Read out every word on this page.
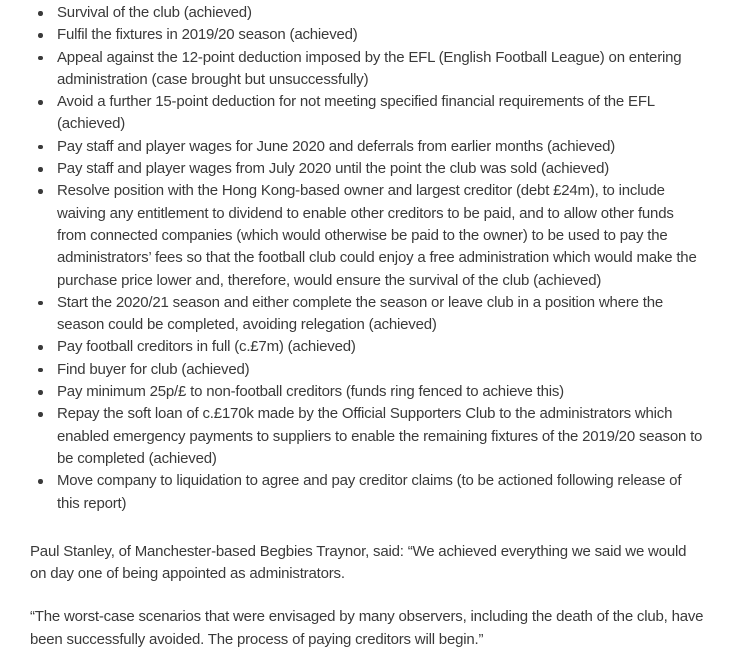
Survival of the club (achieved)
Fulfil the fixtures in 2019/20 season (achieved)
Appeal against the 12-point deduction imposed by the EFL (English Football League) on entering administration (case brought but unsuccessfully)
Avoid a further 15-point deduction for not meeting specified financial requirements of the EFL (achieved)
Pay staff and player wages for June 2020 and deferrals from earlier months (achieved)
Pay staff and player wages from July 2020 until the point the club was sold (achieved)
Resolve position with the Hong Kong-based owner and largest creditor (debt £24m), to include waiving any entitlement to dividend to enable other creditors to be paid, and to allow other funds from connected companies (which would otherwise be paid to the owner) to be used to pay the administrators’ fees so that the football club could enjoy a free administration which would make the purchase price lower and, therefore, would ensure the survival of the club (achieved)
Start the 2020/21 season and either complete the season or leave club in a position where the season could be completed, avoiding relegation (achieved)
Pay football creditors in full (c.£7m) (achieved)
Find buyer for club (achieved)
Pay minimum 25p/£ to non-football creditors (funds ring fenced to achieve this)
Repay the soft loan of c.£170k made by the Official Supporters Club to the administrators which enabled emergency payments to suppliers to enable the remaining fixtures of the 2019/20 season to be completed (achieved)
Move company to liquidation to agree and pay creditor claims (to be actioned following release of this report)

Paul Stanley, of Manchester-based Begbies Traynor, said: “We achieved everything we said we would on day one of being appointed as administrators.

“The worst-case scenarios that were envisaged by many observers, including the death of the club, have been successfully avoided. The process of paying creditors will begin.”
